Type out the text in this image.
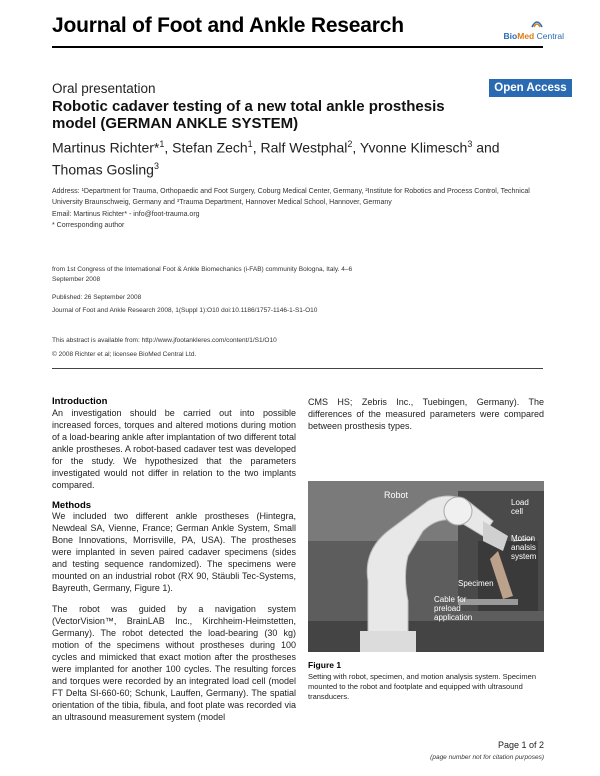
Journal of Foot and Ankle Research	BioMed Central
Oral presentation	Open Access
Robotic cadaver testing of a new total ankle prosthesis model (GERMAN ANKLE SYSTEM)
Martinus Richter*$^1$, Stefan Zech$^1$, Ralf Westphal$^2$, Yvonne Klimesch$^3$ and Thomas Gosling$^3$
Address: ¹Department for Trauma, Orthopaedic and Foot Surgery, Coburg Medical Center, Germany, ²Institute for Robotics and Process Control, Technical University Braunschweig, Germany and ³Trauma Department, Hannover Medical School, Hannover, Germany
Email: Martinus Richter* - info@foot-trauma.org
* Corresponding author
from 1st Congress of the International Foot & Ankle Biomechanics (i-FAB) community Bologna, Italy. 4–6 September 2008
Published: 26 September 2008
Journal of Foot and Ankle Research 2008, 1(Suppl 1):O10 doi:10.1186/1757-1146-1-S1-O10
This abstract is available from: http://www.jfootankleres.com/content/1/S1/O10
© 2008 Richter et al; licensee BioMed Central Ltd.
Introduction

An investigation should be carried out into possible increased forces, torques and altered motions during motion of a load-bearing ankle after implantation of two different total ankle prostheses. A robot-based cadaver test was developed for the study. We hypothesized that the parameters investigated would not differ in relation to the two implants compared.

Methods

We included two different ankle prostheses (Hintegra, Newdeal SA, Vienne, France; German Ankle System, Small Bone Innovations, Morrisville, PA, USA). The prostheses were implanted in seven paired cadaver specimens (sides and testing sequence randomized). The specimens were mounted on an industrial robot (RX 90, Stäubli Tec-Systems, Bayreuth, Germany, Figure 1).

The robot was guided by a navigation system (VectorVision™, BrainLAB Inc., Kirchheim-Heimstetten, Germany). The robot detected the load-bearing (30 kg) motion of the specimens without prostheses during 100 cycles and mimicked that exact motion after the prostheses were implanted for another 100 cycles. The resulting forces and torques were recorded by an integrated load cell (model FT Delta SI-660-60; Schunk, Lauffen, Germany). The spatial orientation of the tibia, fibula, and foot plate was recorded via an ultrasound measurement system (model

CMS HS; Zebris Inc., Tuebingen, Germany). The differences of the measured parameters were compared between prosthesis types.

Robot
Load cell
Motion analsis system
Specimen
Cable for preload application
Figure 1
Setting with robot, specimen, and motion analysis system. Specimen mounted to the robot and footplate and equipped with ultrasound transducers.
Page 1 of 2
(page number not for citation purposes)
